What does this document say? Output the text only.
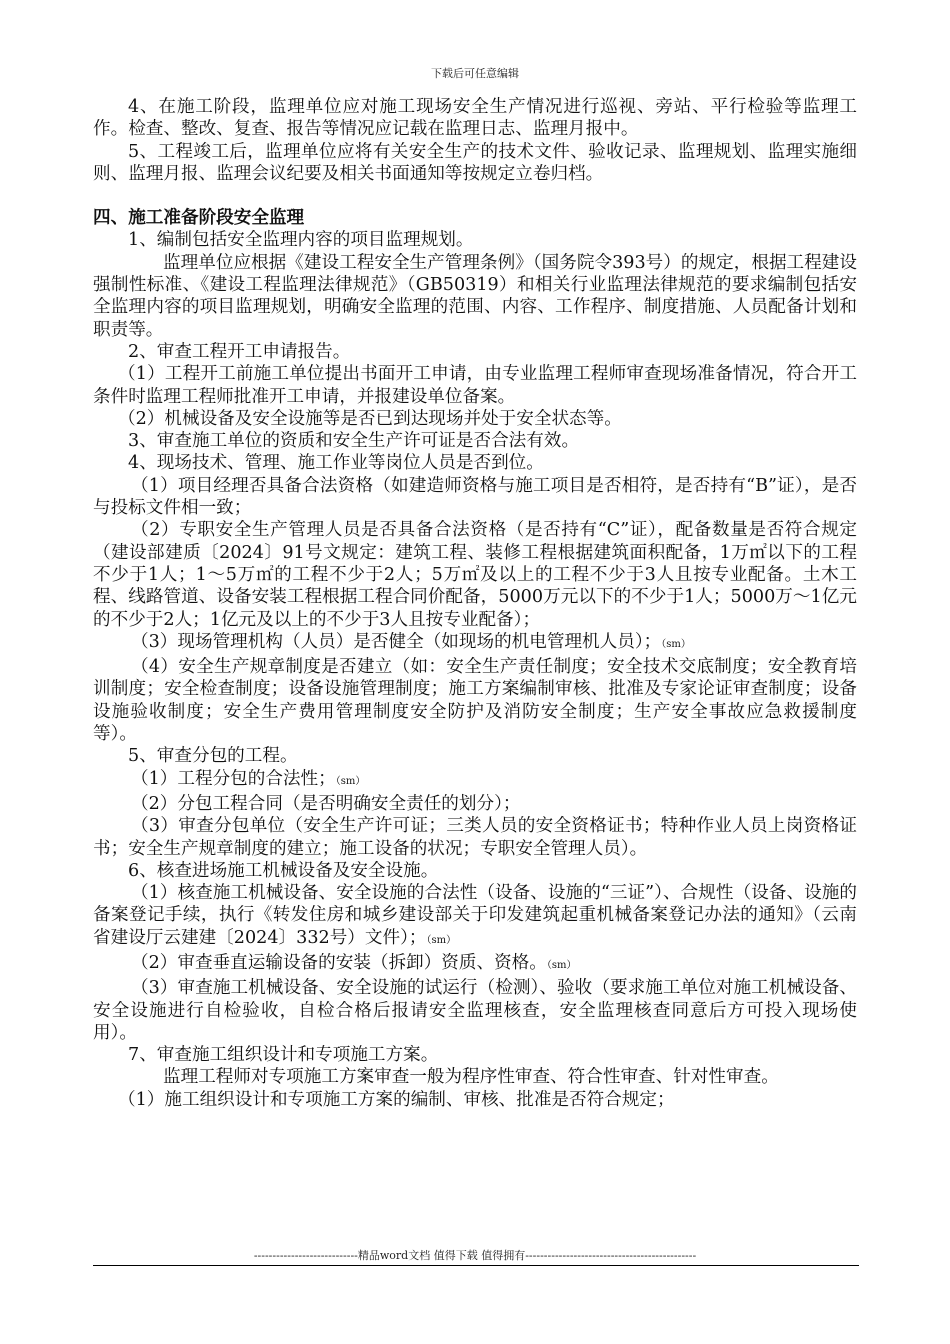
下载后可任意编辑

4、在施工阶段，监理单位应对施工现场安全生产情况进行巡视、旁站、平行检验等监理工作。检查、整改、复查、报告等情况应记载在监理日志、监理月报中。

5、工程竣工后，监理单位应将有关安全生产的技术文件、验收记录、监理规划、监理实施细则、监理月报、监理会议纪要及相关书面通知等按规定立卷归档。

四、施工准备阶段安全监理

1、编制包括安全监理内容的项目监理规划。

监理单位应根据《建设工程安全生产管理条例》（国务院令393号）的规定，根据工程建设强制性标准、《建设工程监理法律规范》（GB50319）和相关行业监理法律规范的要求编制包括安全监理内容的项目监理规划，明确安全监理的范围、内容、工作程序、制度措施、人员配备计划和职责等。

2、审查工程开工申请报告。

（1）工程开工前施工单位提出书面开工申请，由专业监理工程师审查现场准备情况，符合开工条件时监理工程师批准开工申请，并报建设单位备案。

（2）机械设备及安全设施等是否已到达现场并处于安全状态等。

3、审查施工单位的资质和安全生产许可证是否合法有效。

4、现场技术、管理、施工作业等岗位人员是否到位。

（1）项目经理否具备合法资格（如建造师资格与施工项目是否相符，是否持有“B”证），是否与投标文件相一致；

（2）专职安全生产管理人员是否具备合法资格（是否持有“C”证），配备数量是否符合规定（建设部建质〔2024〕91号文规定：建筑工程、装修工程根据建筑面积配备，1万㎡以下的工程不少于1人；1～5万㎡的工程不少于2人；5万㎡及以上的工程不少于3人且按专业配备。土木工程、线路管道、设备安装工程根据工程合同价配备，5000万元以下的不少于1人；5000万～1亿元的不少于2人；1亿元及以上的不少于3人且按专业配备）；

（3）现场管理机构（人员）是否健全（如现场的机电管理机人员）；（sm）

（4）安全生产规章制度是否建立（如：安全生产责任制度；安全技术交底制度；安全教育培训制度；安全检查制度；设备设施管理制度；施工方案编制审核、批准及专家论证审查制度；设备设施验收制度；安全生产费用管理制度安全防护及消防安全制度；生产安全事故应急救援制度等）。

5、审查分包的工程。

（1）工程分包的合法性；（sm）

（2）分包工程合同（是否明确安全责任的划分）；

（3）审查分包单位（安全生产许可证；三类人员的安全资格证书；特种作业人员上岗资格证书；安全生产规章制度的建立；施工设备的状况；专职安全管理人员）。

6、核查进场施工机械设备及安全设施。

（1）核查施工机械设备、安全设施的合法性（设备、设施的“三证”）、合规性（设备、设施的备案登记手续，执行《转发住房和城乡建设部关于印发建筑起重机械备案登记办法的通知》（云南省建设厅云建建〔2024〕332号）文件）；（sm）

（2）审查垂直运输设备的安装（拆卸）资质、资格。（sm）

（3）审查施工机械设备、安全设施的试运行（检测）、验收（要求施工单位对施工机械设备、安全设施进行自检验收，自检合格后报请安全监理核查，安全监理核查同意后方可投入现场使用）。

7、审查施工组织设计和专项施工方案。

监理工程师对专项施工方案审查一般为程序性审查、符合性审查、针对性审查。

（1）施工组织设计和专项施工方案的编制、审核、批准是否符合规定；

----------------------------精品word文档 值得下载 值得拥有----------------------------------------------
